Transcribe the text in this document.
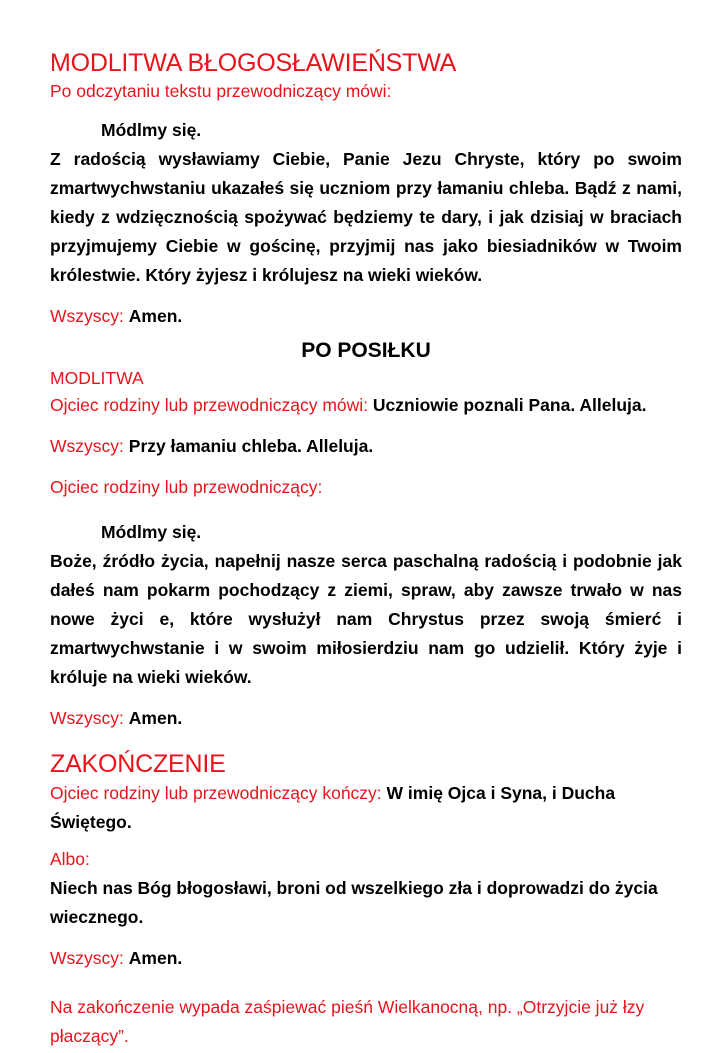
MODLITWA BŁOGOSŁAWIEŃSTWA
Po odczytaniu tekstu przewodniczący mówi:
Módlmy się.
Z radością wysławiamy Ciebie, Panie Jezu Chryste, który po swoim zmartwychwstaniu ukazałeś się uczniom przy łamaniu chleba. Bądź z nami, kiedy z wdzięcznością spożywać będziemy te dary, i jak dzisiaj w braciach przyjmujemy Ciebie w gościnę, przyjmij nas jako biesiadników w Twoim królestwie. Który żyjesz i królujesz na wieki wieków.
Wszyscy: Amen.
PO POSIŁKU
MODLITWA
Ojciec rodziny lub przewodniczący mówi: Uczniowie poznali Pana. Alleluja.
Wszyscy: Przy łamaniu chleba. Alleluja.
Ojciec rodziny lub przewodniczący:
Módlmy się.
Boże, źródło życia, napełnij nasze serca paschalną radością i podobnie jak dałeś nam pokarm pochodzący z ziemi, spraw, aby zawsze trwało w nas nowe życi e, które wysłużył nam Chrystus przez swoją śmierć i zmartwychwstanie i w swoim miłosierdziu nam go udzielił. Który żyje i króluje na wieki wieków.
Wszyscy: Amen.
ZAKOŃCZENIE
Ojciec rodziny lub przewodniczący kończy: W imię Ojca i Syna, i Ducha Świętego.
Albo:
Niech nas Bóg błogosławi, broni od wszelkiego zła i doprowadzi do życia wiecznego.
Wszyscy: Amen.
Na zakończenie wypada zaśpiewać pieśń Wielkanocną, np. „Otrzyjcie już łzy płaczący”.
